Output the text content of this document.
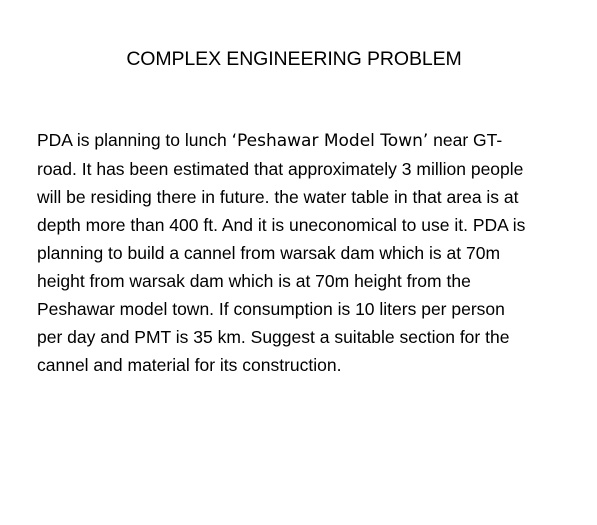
COMPLEX ENGINEERING PROBLEM
PDA is planning to lunch ‘Peshawar Model Town’ near GT-
road. It has been estimated that approximately 3 million people
will be residing there in future. the water table in that area is at
depth more than 400 ft. And it is uneconomical to use it. PDA is
planning to build a cannel from warsak dam which is at 70m
height from warsak dam which is at 70m height from the
Peshawar model town. If consumption is 10 liters per person
per day and PMT is 35 km. Suggest a suitable section for the
cannel and material for its construction.
